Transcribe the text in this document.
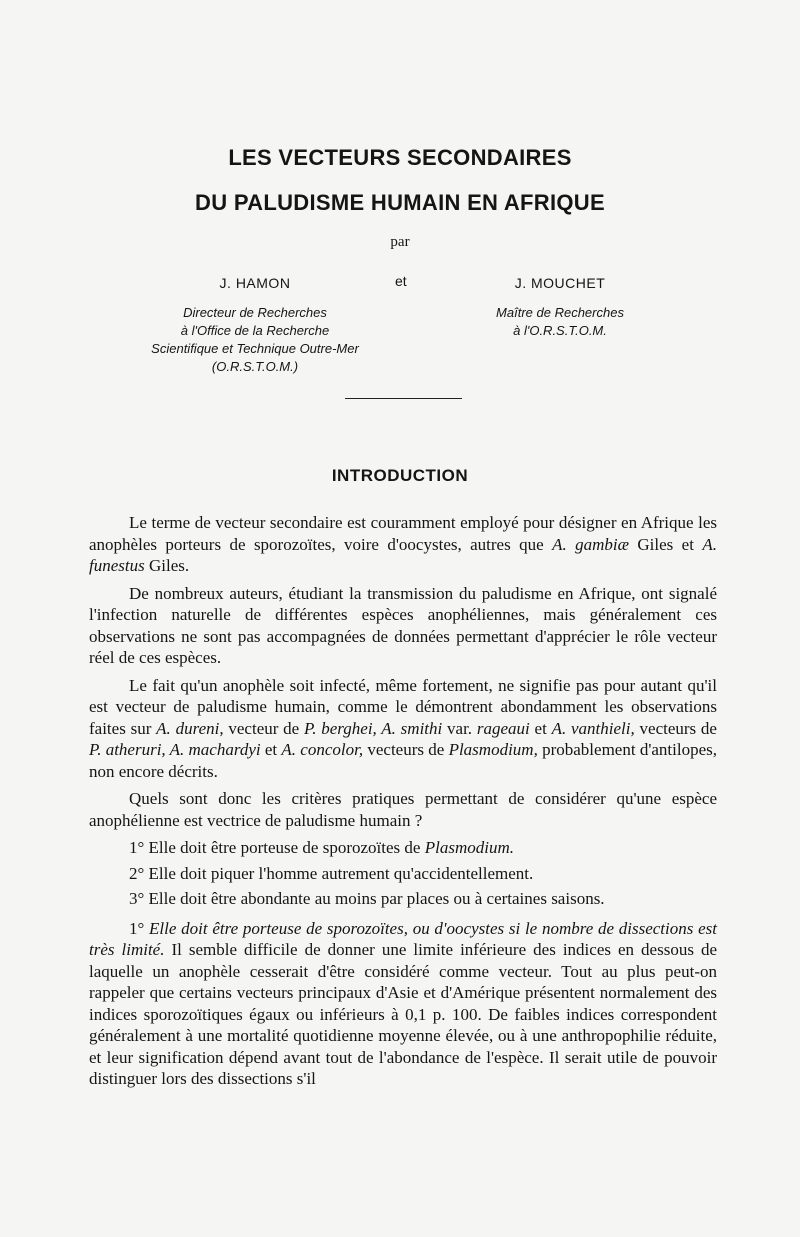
LES VECTEURS SECONDAIRES
DU PALUDISME HUMAIN EN AFRIQUE
par
J. HAMON
Directeur de Recherches
à l'Office de la Recherche
Scientifique et Technique Outre-Mer
(O.R.S.T.O.M.)
et	J. MOUCHET
Maître de Recherches
à l'O.R.S.T.O.M.
INTRODUCTION

Le terme de vecteur secondaire est couramment employé pour désigner en Afrique les anophèles porteurs de sporozoïtes, voire d'oocystes, autres que A. gambiæ Giles et A. funestus Giles.

De nombreux auteurs, étudiant la transmission du paludisme en Afrique, ont signalé l'infection naturelle de différentes espèces anophéliennes, mais généralement ces observations ne sont pas accompagnées de données permettant d'apprécier le rôle vecteur réel de ces espèces.

Le fait qu'un anophèle soit infecté, même fortement, ne signifie pas pour autant qu'il est vecteur de paludisme humain, comme le démontrent abondamment les observations faites sur A. dureni, vecteur de P. berghei, A. smithi var. rageaui et A. vanthieli, vecteurs de P. atheruri, A. machardyi et A. concolor, vecteurs de Plasmodium, probablement d'antilopes, non encore décrits.

Quels sont donc les critères pratiques permettant de considérer qu'une espèce anophélienne est vectrice de paludisme humain ?

1° Elle doit être porteuse de sporozoïtes de Plasmodium.

2° Elle doit piquer l'homme autrement qu'accidentellement.

3° Elle doit être abondante au moins par places ou à certaines saisons.

1° Elle doit être porteuse de sporozoïtes, ou d'oocystes si le nombre de dissections est très limité. Il semble difficile de donner une limite inférieure des indices en dessous de laquelle un anophèle cesserait d'être considéré comme vecteur. Tout au plus peut-on rappeler que certains vecteurs principaux d'Asie et d'Amérique présentent normalement des indices sporozoïtiques égaux ou inférieurs à 0,1 p. 100. De faibles indices correspondent généralement à une mortalité quotidienne moyenne élevée, ou à une anthropophilie réduite, et leur signification dépend avant tout de l'abondance de l'espèce. Il serait utile de pouvoir distinguer lors des dissections s'il
